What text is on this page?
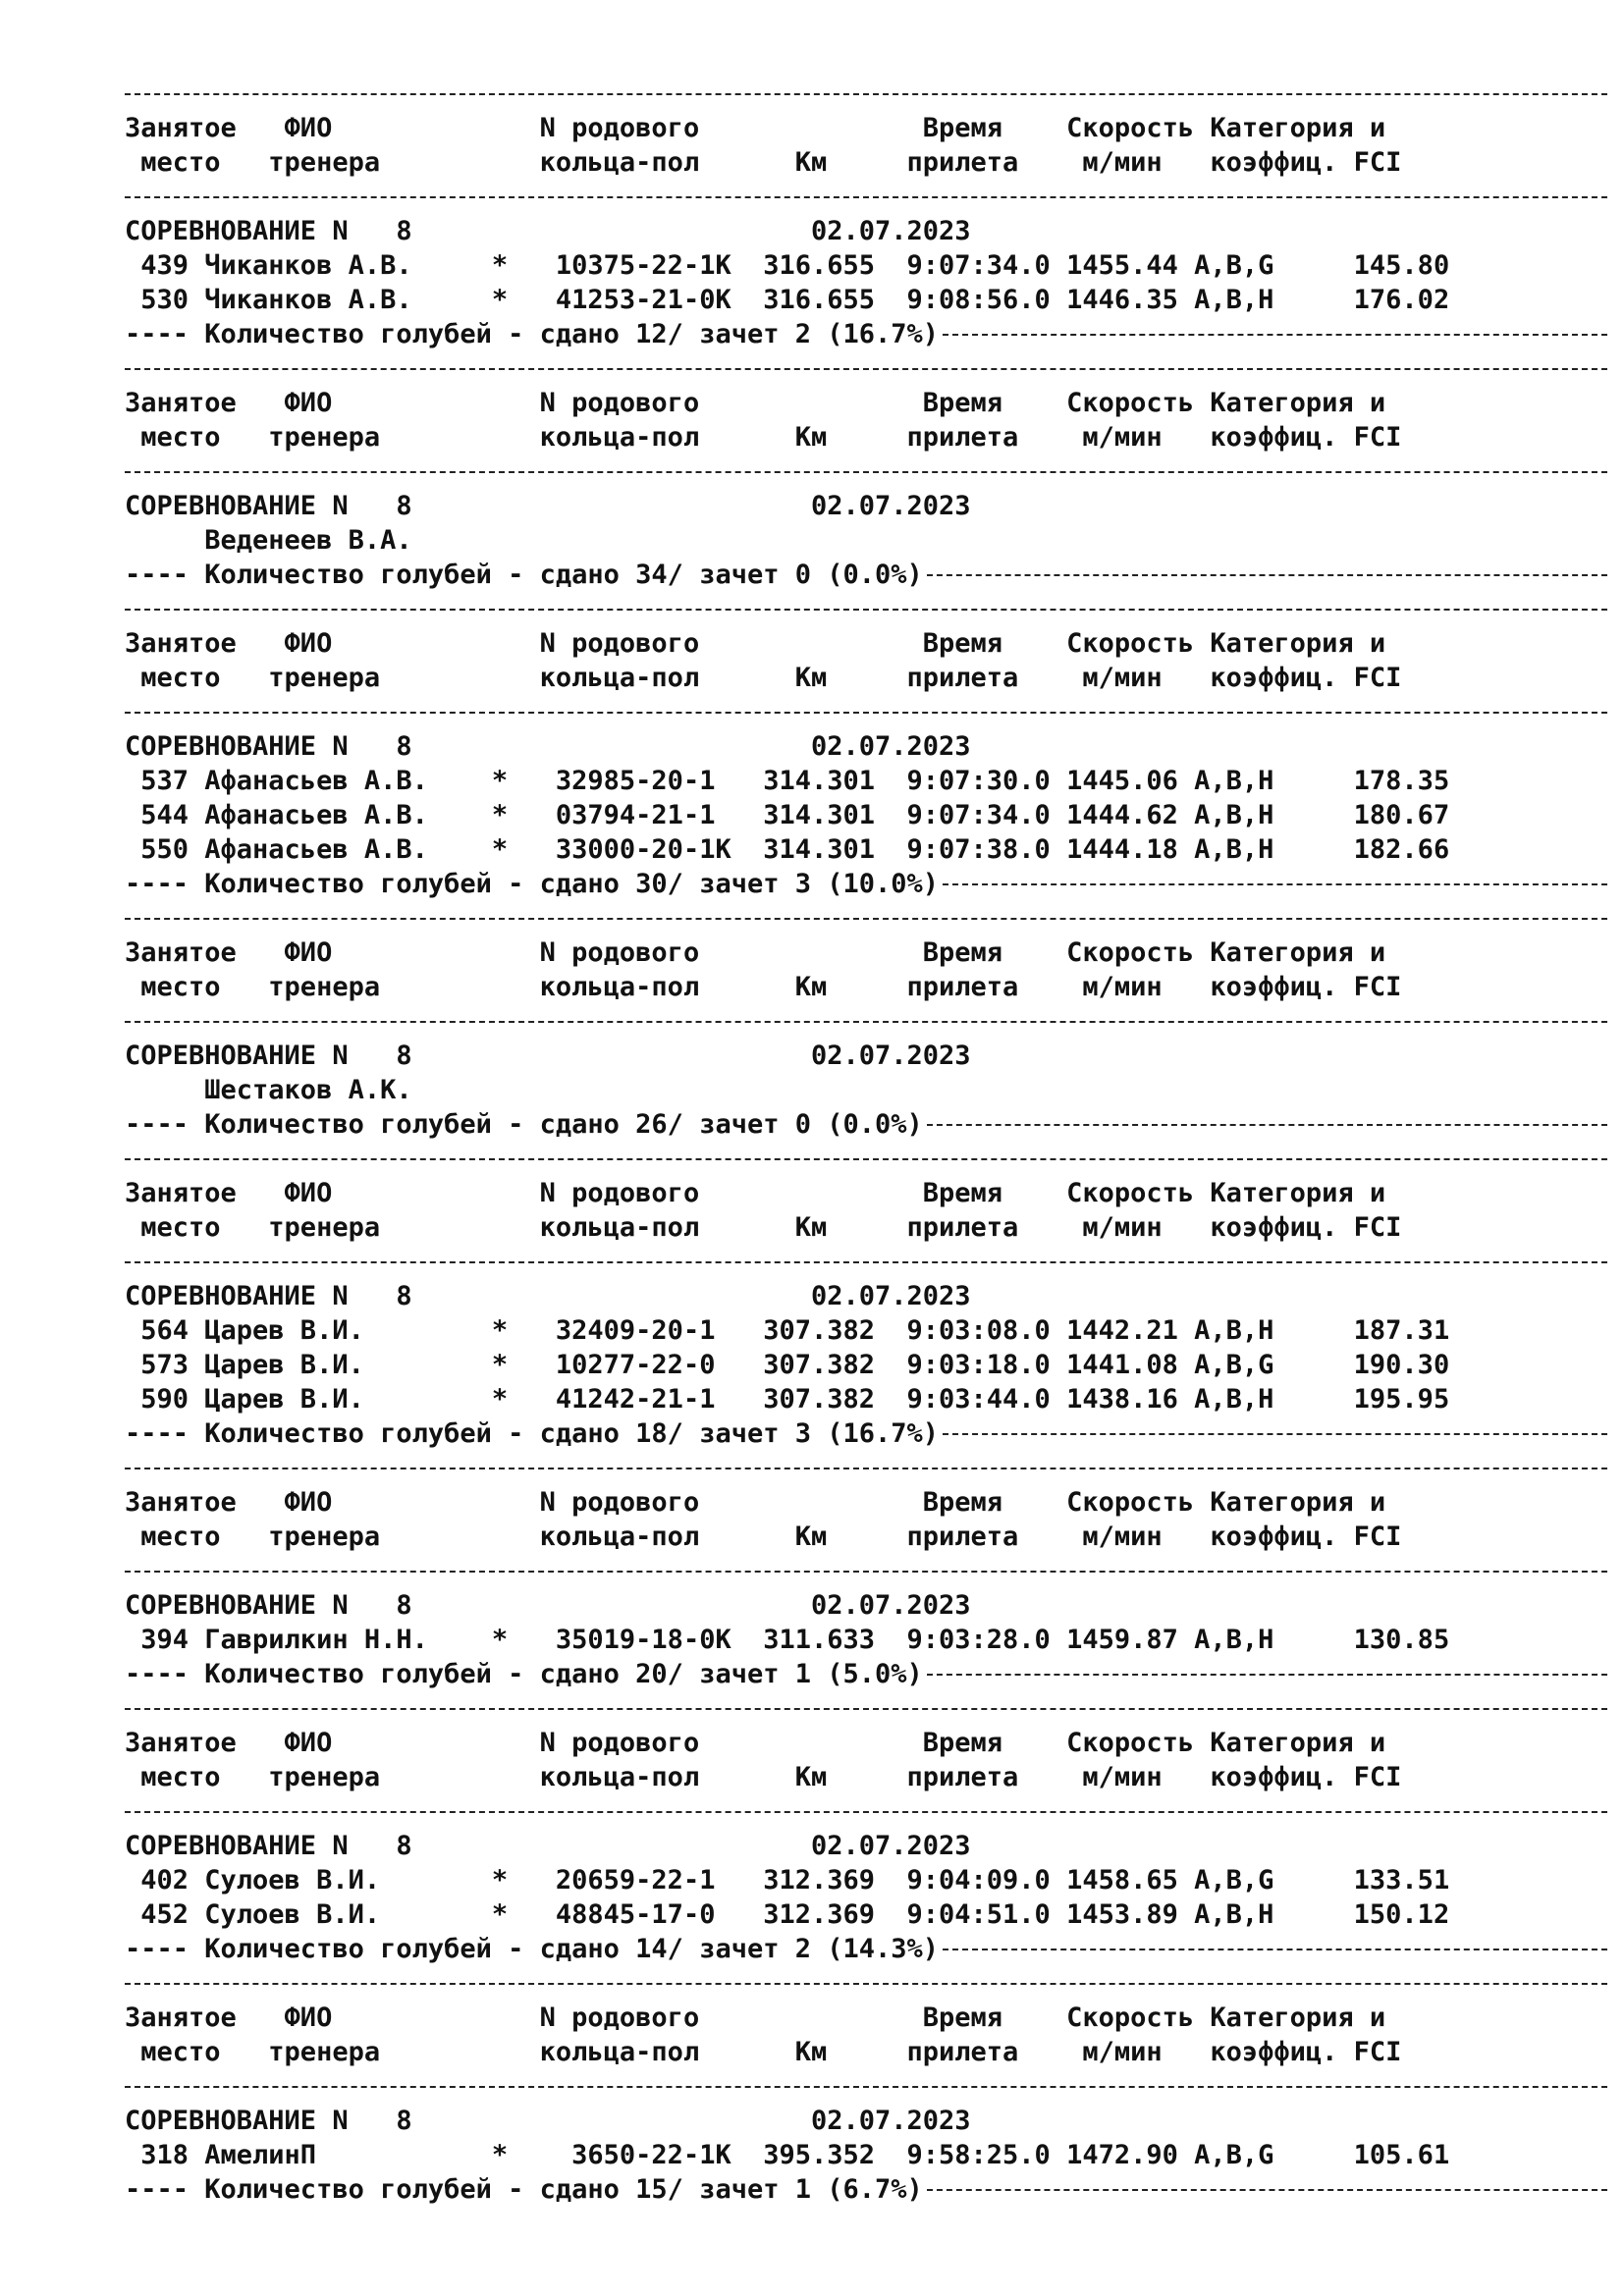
Занятое   ФИО             N родового              Время    Скорость Категория и
место   тренера          кольца-пол      Км     прилета    м/мин   коэффиц. FCI
СОРЕВНОВАНИЕ N   8                         02.07.2023
439 Чиканков А.В.     *   10375-22-1К  316.655  9:07:34.0 1455.44 A,B,G     145.80
530 Чиканков А.В.     *   41253-21-0К  316.655  9:08:56.0 1446.35 A,B,H     176.02
---- Количество голубей - сдано 12/ зачет 2 (16.7%)
Занятое   ФИО             N родового              Время    Скорость Категория и
место   тренера          кольца-пол      Км     прилета    м/мин   коэффиц. FCI
СОРЕВНОВАНИЕ N   8                         02.07.2023
Веденеев В.А.
---- Количество голубей - сдано 34/ зачет 0 (0.0%)
Занятое   ФИО             N родового              Время    Скорость Категория и
место   тренера          кольца-пол      Км     прилета    м/мин   коэффиц. FCI
СОРЕВНОВАНИЕ N   8                         02.07.2023
537 Афанасьев А.В.    *   32985-20-1   314.301  9:07:30.0 1445.06 A,B,H     178.35
544 Афанасьев А.В.    *   03794-21-1   314.301  9:07:34.0 1444.62 A,B,H     180.67
550 Афанасьев А.В.    *   33000-20-1К  314.301  9:07:38.0 1444.18 A,B,H     182.66
---- Количество голубей - сдано 30/ зачет 3 (10.0%)
Занятое   ФИО             N родового              Время    Скорость Категория и
место   тренера          кольца-пол      Км     прилета    м/мин   коэффиц. FCI
СОРЕВНОВАНИЕ N   8                         02.07.2023
Шестаков А.К.
---- Количество голубей - сдано 26/ зачет 0 (0.0%)
Занятое   ФИО             N родового              Время    Скорость Категория и
место   тренера          кольца-пол      Км     прилета    м/мин   коэффиц. FCI
СОРЕВНОВАНИЕ N   8                         02.07.2023
564 Царев В.И.        *   32409-20-1   307.382  9:03:08.0 1442.21 A,B,H     187.31
573 Царев В.И.        *   10277-22-0   307.382  9:03:18.0 1441.08 A,B,G     190.30
590 Царев В.И.        *   41242-21-1   307.382  9:03:44.0 1438.16 A,B,H     195.95
---- Количество голубей - сдано 18/ зачет 3 (16.7%)
Занятое   ФИО             N родового              Время    Скорость Категория и
место   тренера          кольца-пол      Км     прилета    м/мин   коэффиц. FCI
СОРЕВНОВАНИЕ N   8                         02.07.2023
394 Гаврилкин Н.Н.    *   35019-18-0К  311.633  9:03:28.0 1459.87 A,B,H     130.85
---- Количество голубей - сдано 20/ зачет 1 (5.0%)
Занятое   ФИО             N родового              Время    Скорость Категория и
место   тренера          кольца-пол      Км     прилета    м/мин   коэффиц. FCI
СОРЕВНОВАНИЕ N   8                         02.07.2023
402 Сулоев В.И.       *   20659-22-1   312.369  9:04:09.0 1458.65 A,B,G     133.51
452 Сулоев В.И.       *   48845-17-0   312.369  9:04:51.0 1453.89 A,B,H     150.12
---- Количество голубей - сдано 14/ зачет 2 (14.3%)
Занятое   ФИО             N родового              Время    Скорость Категория и
место   тренера          кольца-пол      Км     прилета    м/мин   коэффиц. FCI
СОРЕВНОВАНИЕ N   8                         02.07.2023
318 АмелинП           *    3650-22-1К  395.352  9:58:25.0 1472.90 A,B,G     105.61
---- Количество голубей - сдано 15/ зачет 1 (6.7%)
